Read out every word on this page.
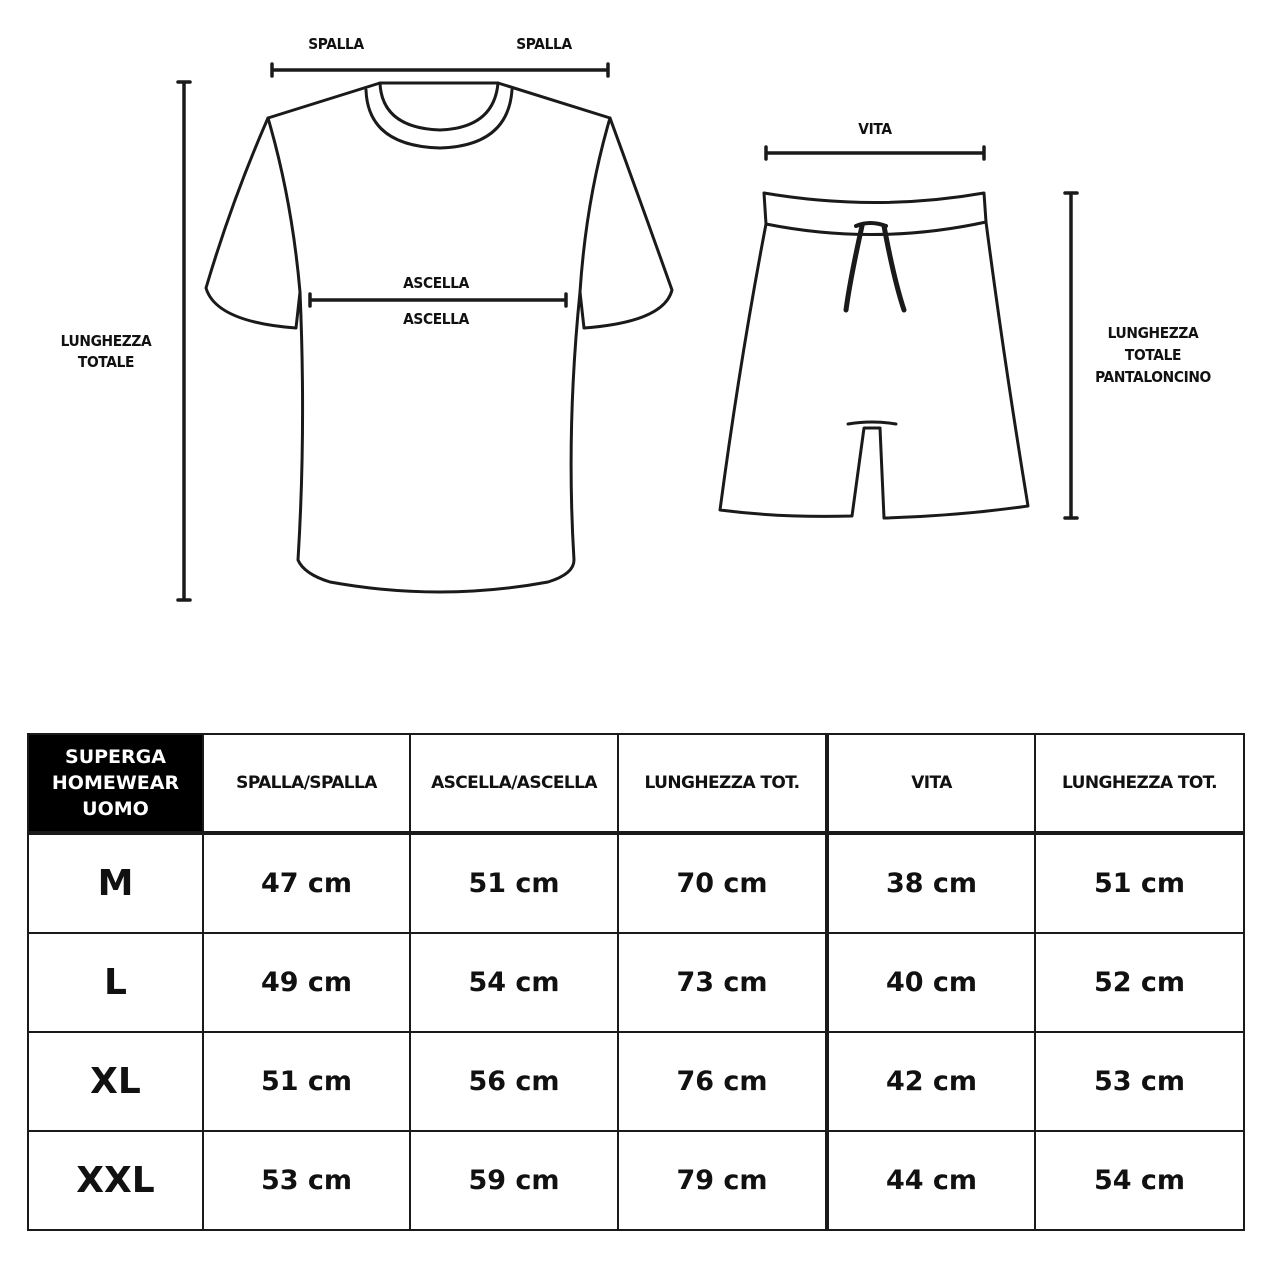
SPALLA	SPALLA
ASCELLA
ASCELLA
LUNGHEZZA
TOTALE
VITA
LUNGHEZZA
TOTALE
PANTALONCINO
SUPERGA
HOMEWEAR
UOMO	SPALLA/SPALLA	ASCELLA/ASCELLA	LUNGHEZZA TOT.	VITA	LUNGHEZZA TOT.
M	47 cm	51 cm	70 cm	38 cm	51 cm
L	49 cm	54 cm	73 cm	40 cm	52 cm
XL	51 cm	56 cm	76 cm	42 cm	53 cm
XXL	53 cm	59 cm	79 cm	44 cm	54 cm
